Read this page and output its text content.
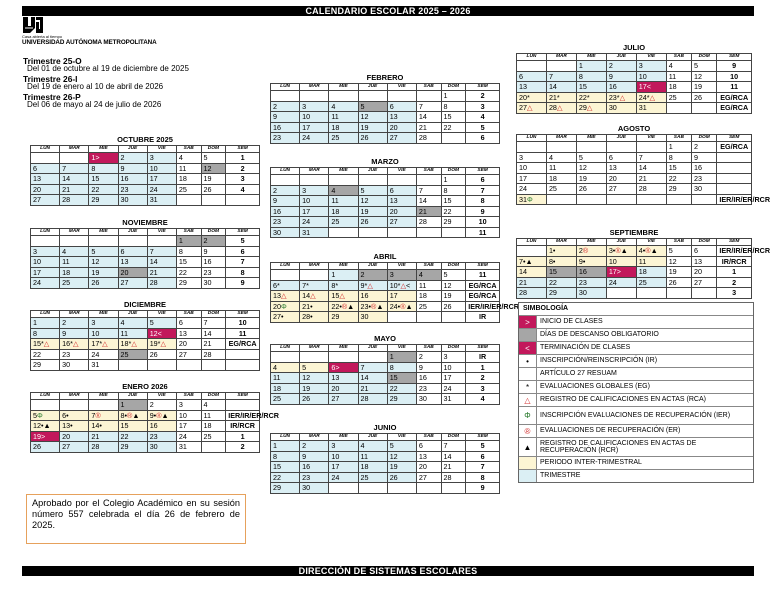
CALENDARIO ESCOLAR 2025 – 2026
Casa abierta al tiempo
UNIVERSIDAD AUTÓNOMA METROPOLITANA
Trimestre 25-O
Del 01 de octubre al 19 de diciembre de 2025
Trimestre 26-I
Del 19 de enero al 10 de abril de 2026
Trimestre 26-P
Del 06 de mayo al 24 de julio de 2026
OCTUBRE 2025
LUN	MAR	MIE	JUE	VIE	SAB	DOM	SEM
		1>	2	3	4	5	1
6	7	8	9	10	11	12	2
13	14	15	16	17	18	19	3
20	21	22	23	24	25	26	4
27	28	29	30	31			
NOVIEMBRE
LUN	MAR	MIE	JUE	VIE	SAB	DOM	SEM
					1	2	5
3	4	5	6	7	8	9	6
10	11	12	13	14	15	16	7
17	18	19	20	21	22	23	8
24	25	26	27	28	29	30	9
DICIEMBRE
LUN	MAR	MIE	JUE	VIE	SAB	DOM	SEM
1	2	3	4	5	6	7	10
8	9	10	11	12<	13	14	11
15*△	16*△	17*△	18*△	19*△	20	21	EG/RCA
22	23	24	25	26	27	28	
29	30	31					
ENERO 2026
LUN	MAR	MIE	JUE	VIE	SAB	DOM	SEM
			1	2	3	4	
5Φ	6•	7®	8•®▲	9•®▲	10	11	IER/IR/ER/RCR
12•▲	13•	14•	15	16	17	18	IR/RCR
19>	20	21	22	23	24	25	1
26	27	28	29	30	31		2
FEBRERO
LUN	MAR	MIE	JUE	VIE	SAB	DOM	SEM
						1	2
2	3	4	5	6	7	8	3
9	10	11	12	13	14	15	4
16	17	18	19	20	21	22	5
23	24	25	26	27	28		6
MARZO
LUN	MAR	MIE	JUE	VIE	SAB	DOM	SEM
						1	6
2	3	4	5	6	7	8	7
9	10	11	12	13	14	15	8
16	17	18	19	20	21	22	9
23	24	25	26	27	28	29	10
30	31						11
ABRIL
LUN	MAR	MIE	JUE	VIE	SAB	DOM	SEM
		1	2	3	4	5	11
6*	7*	8*	9*△	10*△<	11	12	EG/RCA
13△	14△	15△	16	17	18	19	EG/RCA
20Φ	21•	22•®▲	23•®▲	24•®▲	25	26	IER/IR/ER/RCR
27•	28•	29	30				IR
MAYO
LUN	MAR	MIE	JUE	VIE	SAB	DOM	SEM
				1	2	3	IR
4	5	6>	7	8	9	10	1
11	12	13	14	15	16	17	2
18	19	20	21	22	23	24	3
25	26	27	28	29	30	31	4
JUNIO
LUN	MAR	MIE	JUE	VIE	SAB	DOM	SEM
1	2	3	4	5	6	7	5
8	9	10	11	12	13	14	6
15	16	17	18	19	20	21	7
22	23	24	25	26	27	28	8
29	30						9
JULIO
LUN	MAR	MIE	JUE	VIE	SAB	DOM	SEM
		1	2	3	4	5	9
6	7	8	9	10	11	12	10
13	14	15	16	17<	18	19	11
20*	21*	22*	23*△	24*△	25	26	EG/RCA
27△	28△	29△	30	31			EG/RCA
AGOSTO
LUN	MAR	MIE	JUE	VIE	SAB	DOM	SEM
					1	2	EG/RCA
3	4	5	6	7	8	9	
10	11	12	13	14	15	16	
17	18	19	20	21	22	23	
24	25	26	27	28	29	30	
31Φ							IER/IR/ER/RCR
SEPTIEMBRE
LUN	MAR	MIE	JUE	VIE	SAB	DOM	SEM
	1•	2®	3•®▲	4•®▲	5	6	IER/IR/ER/RCR
7•▲	8•	9•	10	11	12	13	IR/RCR
14	15	16	17>	18	19	20	1
21	22	23	24	25	26	27	2
28	29	30					3
Aprobado por el Colegio Académico en su sesión número 557 celebrada el día 26 de febrero de 2025.
SIMBOLOGÍA
>	INICIO DE CLASES
DÍAS DE DESCANSO OBLIGATORIO
<	TERMINACIÓN DE CLASES
•	INSCRIPCIÓN/REINSCRIPCIÓN (IR)
ARTÍCULO 27 RESUAM
*	EVALUACIONES GLOBALES (EG)
△	REGISTRO DE CALIFICACIONES EN ACTAS (RCA)
Φ	INSCRIPCIÓN EVALUACIONES DE RECUPERACIÓN (IER)
®	EVALUACIONES DE RECUPERACIÓN (ER)
▲	REGISTRO DE CALIFICACIONES EN ACTAS DE RECUPERACIÓN (RCR)
PERIODO INTER-TRIMESTRAL
TRIMESTRE
DIRECCIÓN DE SISTEMAS ESCOLARES
